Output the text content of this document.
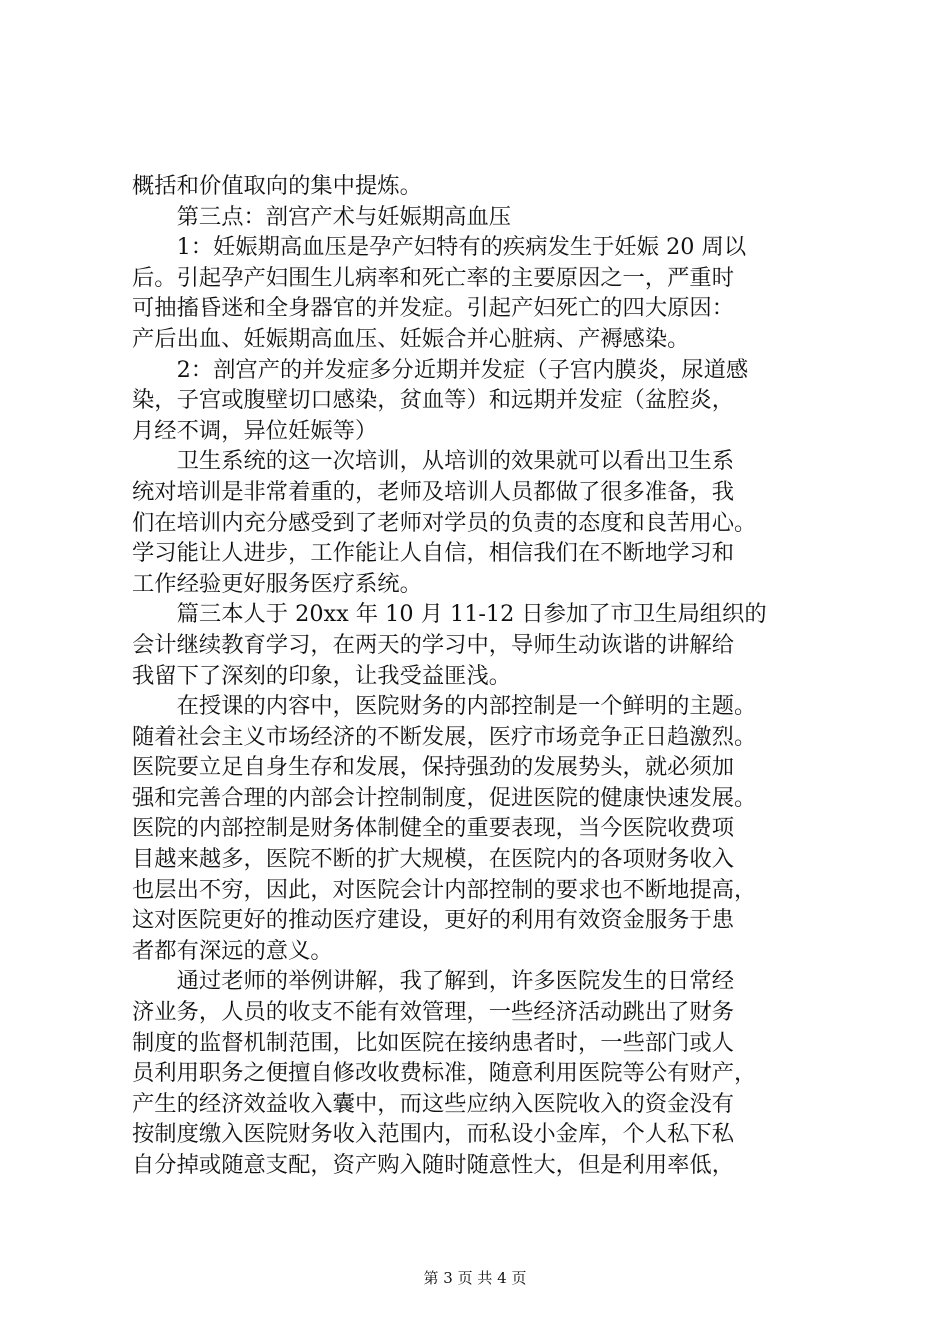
概括和价值取向的集中提炼。
　　第三点：剖宫产术与妊娠期高血压
　　1：妊娠期高血压是孕产妇特有的疾病发生于妊娠 20 周以
后。引起孕产妇围生儿病率和死亡率的主要原因之一，严重时
可抽搐昏迷和全身器官的并发症。引起产妇死亡的四大原因：
产后出血、妊娠期高血压、妊娠合并心脏病、产褥感染。
　　2：剖宫产的并发症多分近期并发症（子宫内膜炎，尿道感
染，子宫或腹壁切口感染，贫血等）和远期并发症（盆腔炎，
月经不调，异位妊娠等）
　　卫生系统的这一次培训，从培训的效果就可以看出卫生系
统对培训是非常着重的，老师及培训人员都做了很多准备，我
们在培训内充分感受到了老师对学员的负责的态度和良苦用心。
学习能让人进步，工作能让人自信，相信我们在不断地学习和
工作经验更好服务医疗系统。
　　篇三本人于 20xx 年 10 月 11-12 日参加了市卫生局组织的
会计继续教育学习，在两天的学习中，导师生动诙谐的讲解给
我留下了深刻的印象，让我受益匪浅。
　　在授课的内容中，医院财务的内部控制是一个鲜明的主题。
随着社会主义市场经济的不断发展，医疗市场竞争正日趋激烈。
医院要立足自身生存和发展，保持强劲的发展势头，就必须加
强和完善合理的内部会计控制制度，促进医院的健康快速发展。
医院的内部控制是财务体制健全的重要表现，当今医院收费项
目越来越多，医院不断的扩大规模，在医院内的各项财务收入
也层出不穷，因此，对医院会计内部控制的要求也不断地提高，
这对医院更好的推动医疗建设，更好的利用有效资金服务于患
者都有深远的意义。
　　通过老师的举例讲解，我了解到，许多医院发生的日常经
济业务，人员的收支不能有效管理，一些经济活动跳出了财务
制度的监督机制范围，比如医院在接纳患者时，一些部门或人
员利用职务之便擅自修改收费标准，随意利用医院等公有财产，
产生的经济效益收入囊中，而这些应纳入医院收入的资金没有
按制度缴入医院财务收入范围内，而私设小金库，个人私下私
自分掉或随意支配，资产购入随时随意性大，但是利用率低，
第 3 页 共 4 页
